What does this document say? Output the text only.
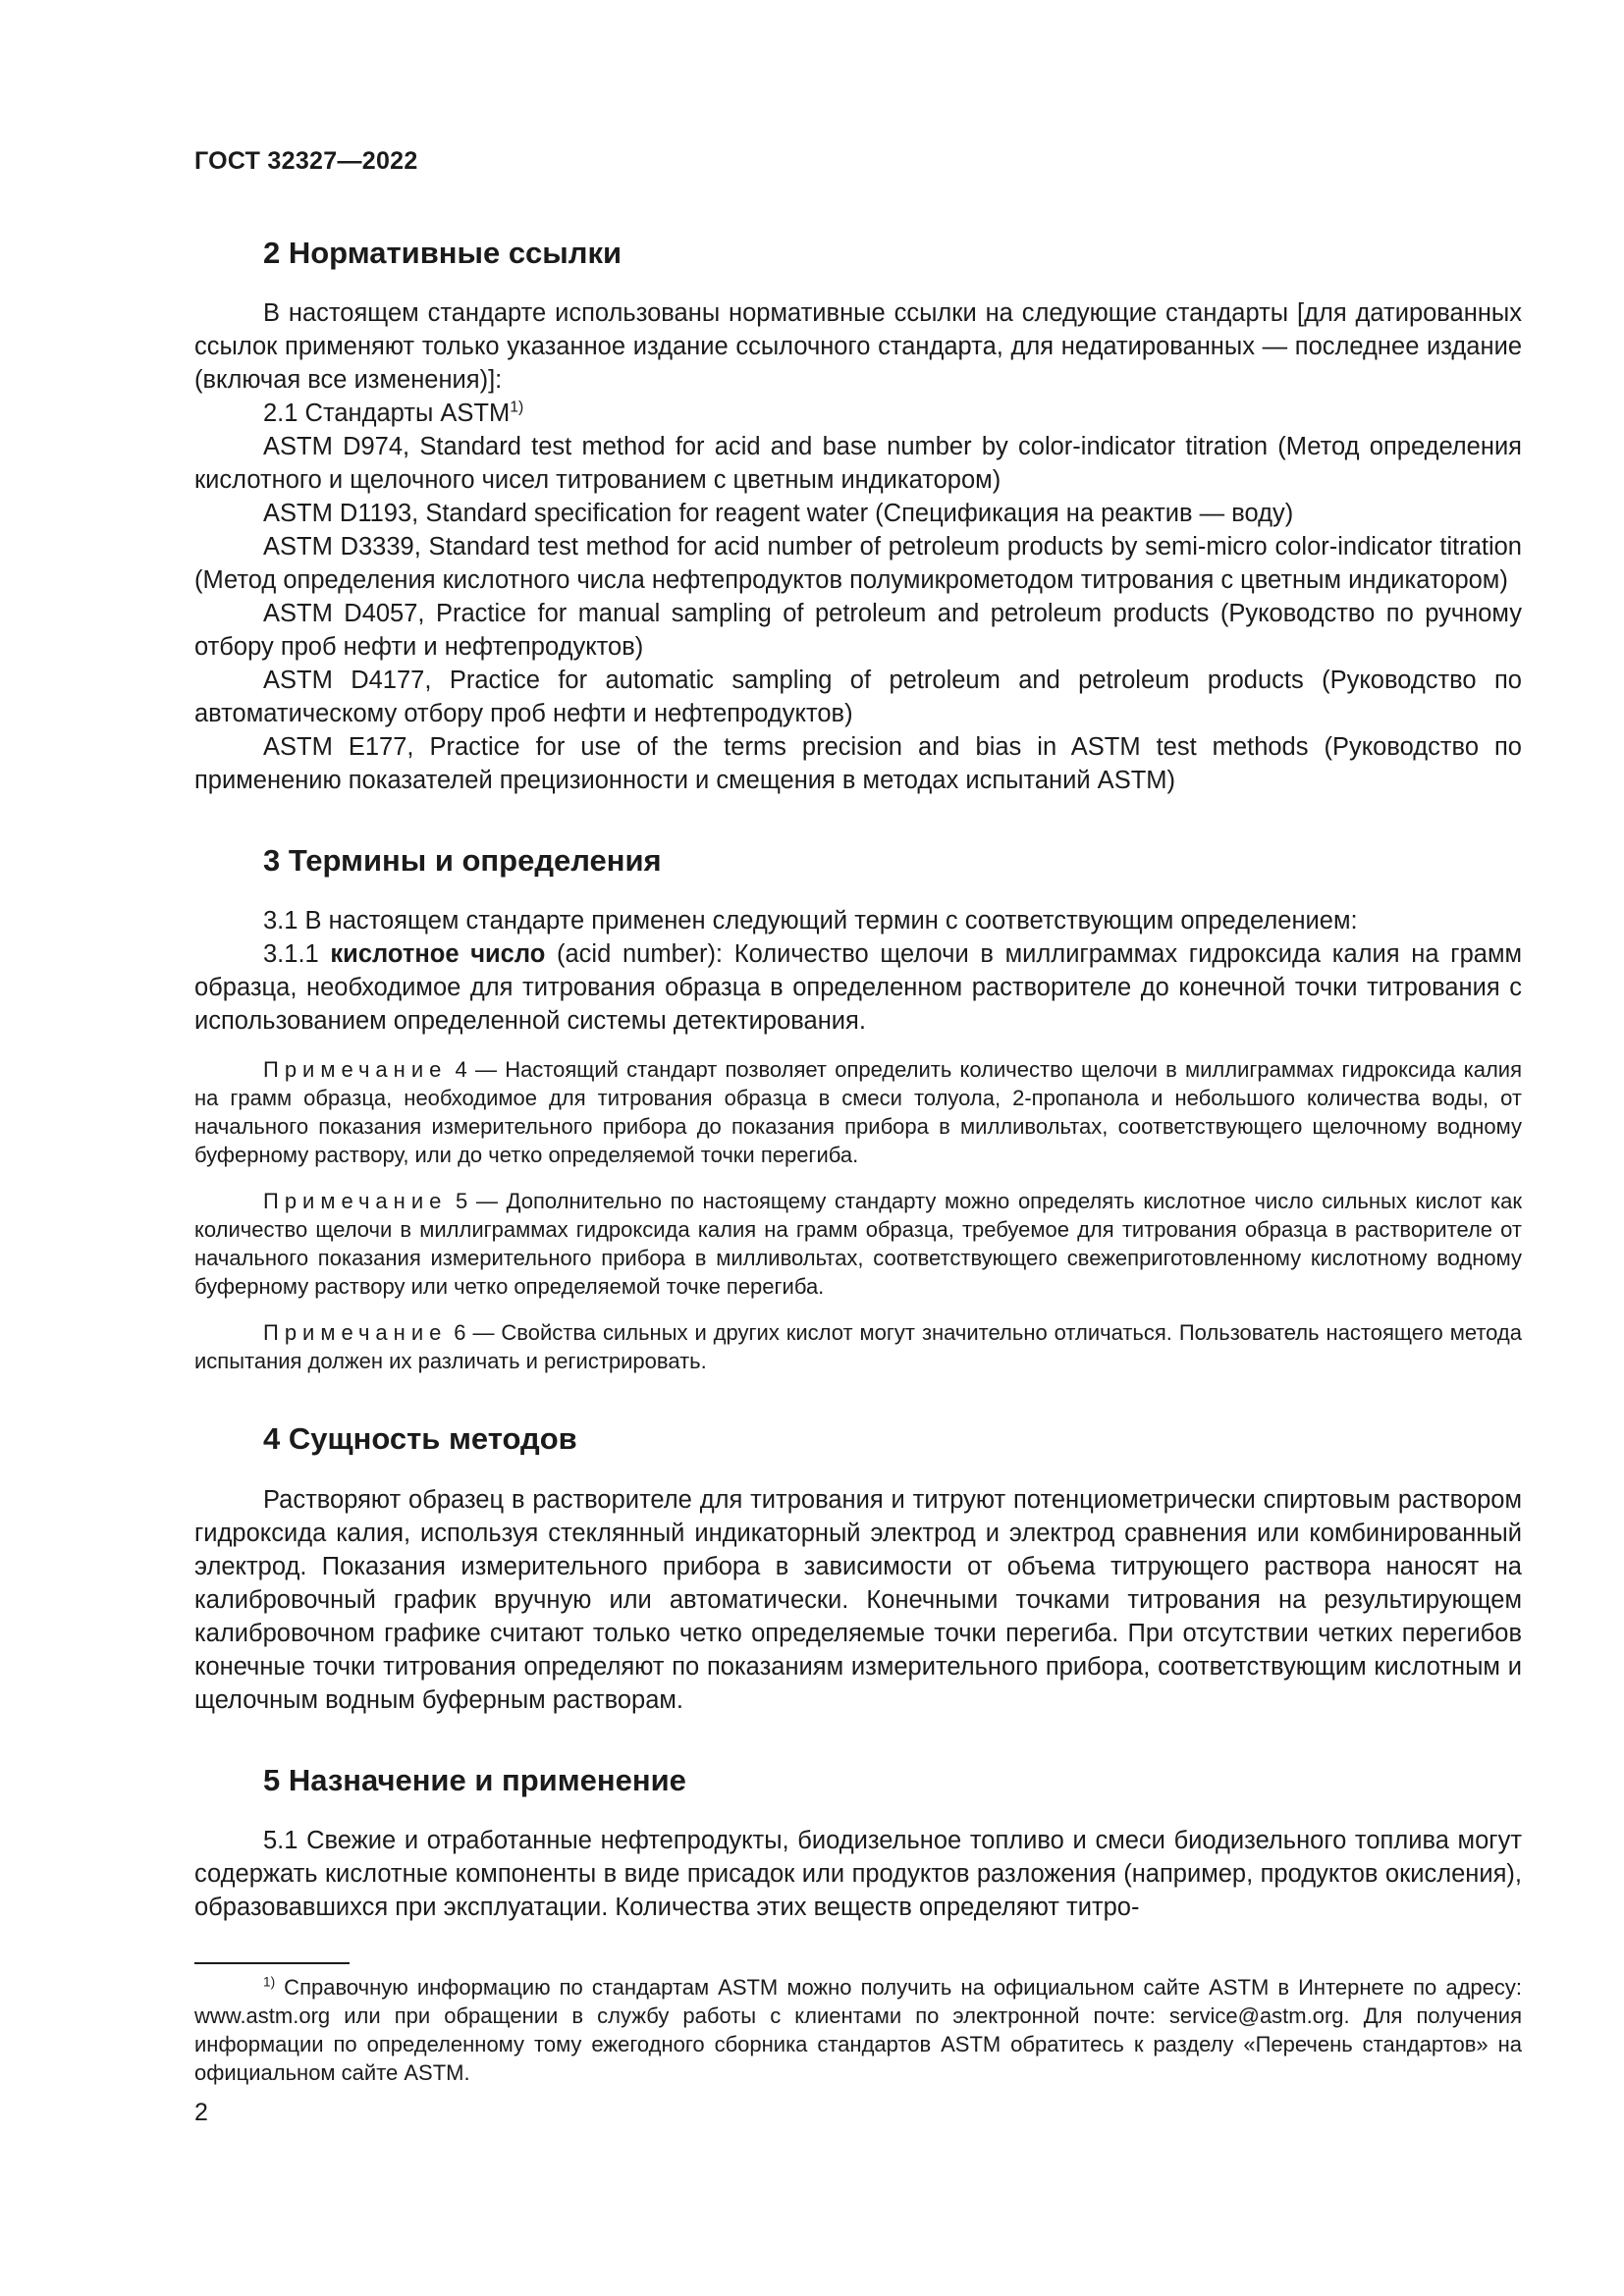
ГОСТ 32327—2022
2 Нормативные ссылки

В настоящем стандарте использованы нормативные ссылки на следующие стандарты [для датированных ссылок применяют только указанное издание ссылочного стандарта, для недатированных — последнее издание (включая все изменения)]:

2.1 Стандарты ASTM$^{1)}$

ASTM D974, Standard test method for acid and base number by color-indicator titration (Метод определения кислотного и щелочного чисел титрованием с цветным индикатором)

ASTM D1193, Standard specification for reagent water (Спецификация на реактив — воду)

ASTM D3339, Standard test method for acid number of petroleum products by semi-micro color-indicator titration (Метод определения кислотного числа нефтепродуктов полумикрометодом титрования с цветным индикатором)

ASTM D4057, Practice for manual sampling of petroleum and petroleum products (Руководство по ручному отбору проб нефти и нефтепродуктов)

ASTM D4177, Practice for automatic sampling of petroleum and petroleum products (Руководство по автоматическому отбору проб нефти и нефтепродуктов)

ASTM E177, Practice for use of the terms precision and bias in ASTM test methods (Руководство по применению показателей прецизионности и смещения в методах испытаний ASTM)

3 Термины и определения

3.1 В настоящем стандарте применен следующий термин с соответствующим определением:

3.1.1 кислотное число (acid number): Количество щелочи в миллиграммах гидроксида калия на грамм образца, необходимое для титрования образца в определенном растворителе до конечной точки титрования с использованием определенной системы детектирования.

Примечание 4 — Настоящий стандарт позволяет определить количество щелочи в миллиграммах гидроксида калия на грамм образца, необходимое для титрования образца в смеси толуола, 2-пропанола и небольшого количества воды, от начального показания измерительного прибора до показания прибора в милливольтах, соответствующего щелочному водному буферному раствору, или до четко определяемой точки перегиба.

Примечание 5 — Дополнительно по настоящему стандарту можно определять кислотное число сильных кислот как количество щелочи в миллиграммах гидроксида калия на грамм образца, требуемое для титрования образца в растворителе от начального показания измерительного прибора в милливольтах, соответствующего свежеприготовленному кислотному водному буферному раствору или четко определяемой точке перегиба.

Примечание 6 — Свойства сильных и других кислот могут значительно отличаться. Пользователь настоящего метода испытания должен их различать и регистрировать.

4 Сущность методов

Растворяют образец в растворителе для титрования и титруют потенциометрически спиртовым раствором гидроксида калия, используя стеклянный индикаторный электрод и электрод сравнения или комбинированный электрод. Показания измерительного прибора в зависимости от объема титрующего раствора наносят на калибровочный график вручную или автоматически. Конечными точками титрования на результирующем калибровочном графике считают только четко определяемые точки перегиба. При отсутствии четких перегибов конечные точки титрования определяют по показаниям измерительного прибора, соответствующим кислотным и щелочным водным буферным растворам.

5 Назначение и применение

5.1 Свежие и отработанные нефтепродукты, биодизельное топливо и смеси биодизельного топлива могут содержать кислотные компоненты в виде присадок или продуктов разложения (например, продуктов окисления), образовавшихся при эксплуатации. Количества этих веществ определяют титро-

$^{1)}$ Справочную информацию по стандартам ASTM можно получить на официальном сайте ASTM в Интернете по адресу: www.astm.org или при обращении в службу работы с клиентами по электронной почте: service@astm.org. Для получения информации по определенному тому ежегодного сборника стандартов ASTM обратитесь к разделу «Перечень стандартов» на официальном сайте ASTM.

2
